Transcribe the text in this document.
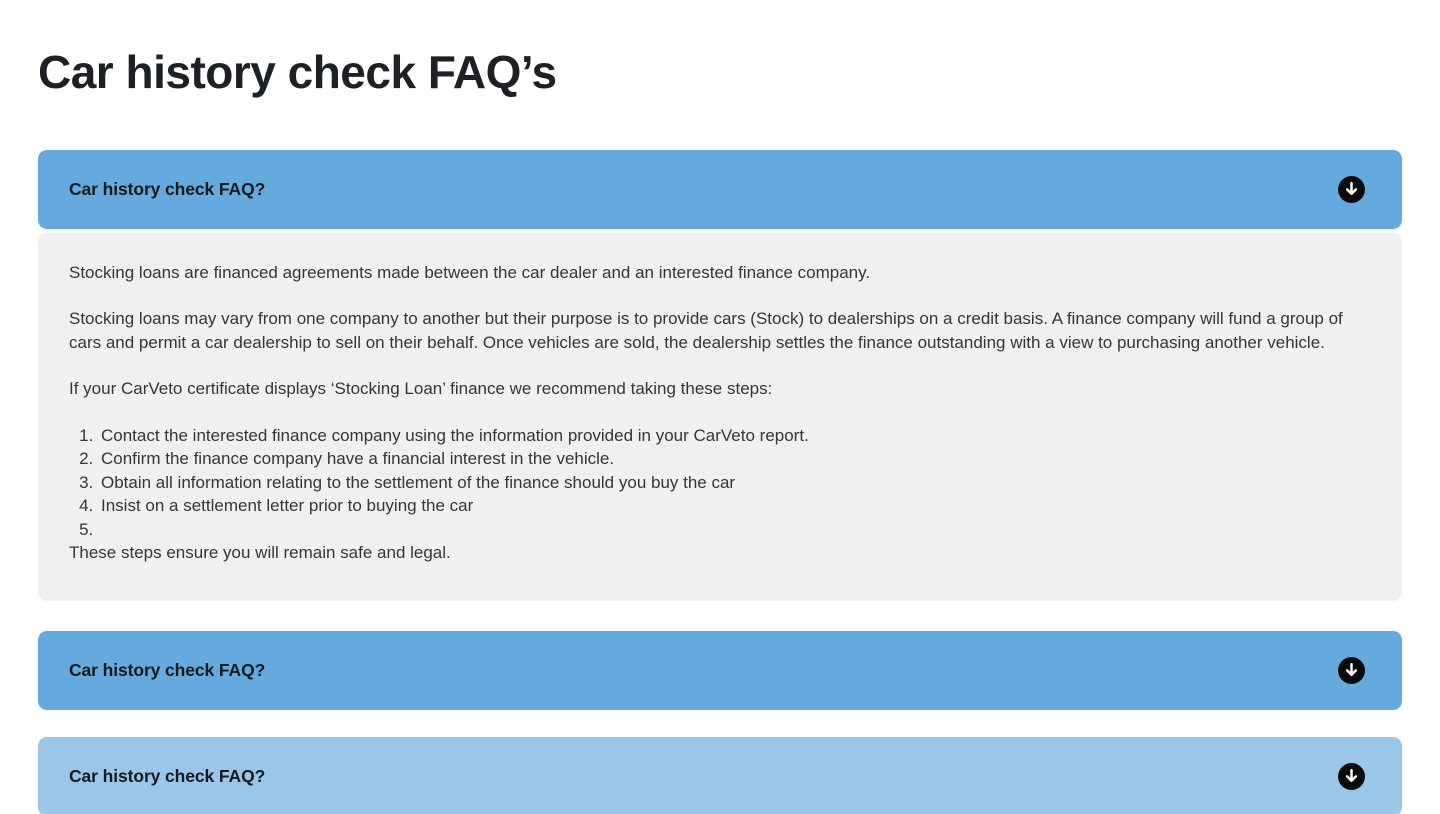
Car history check FAQ’s
Car history check FAQ?

Stocking loans are financed agreements made between the car dealer and an interested finance company.

Stocking loans may vary from one company to another but their purpose is to provide cars (Stock) to dealerships on a credit basis. A finance company will fund a group of cars and permit a car dealership to sell on their behalf. Once vehicles are sold, the dealership settles the finance outstanding with a view to purchasing another vehicle.

If your CarVeto certificate displays ‘Stocking Loan’ finance we recommend taking these steps:

1. Contact the interested finance company using the information provided in your CarVeto report.
2. Confirm the finance company have a financial interest in the vehicle.
3. Obtain all information relating to the settlement of the finance should you buy the car
4. Insist on a settlement letter prior to buying the car
5.

These steps ensure you will remain safe and legal.

Car history check FAQ?
Car history check FAQ?
